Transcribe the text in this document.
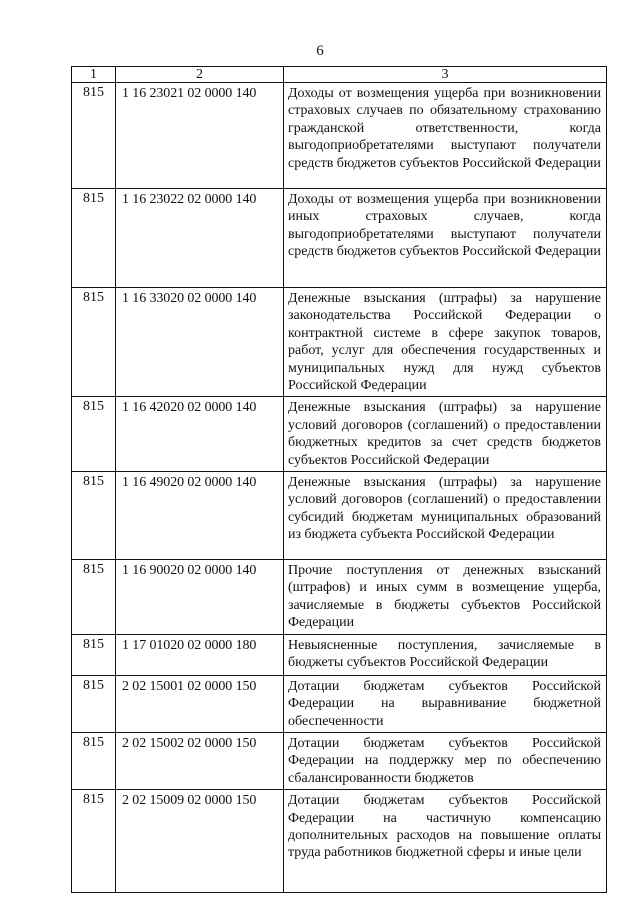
6
1	2	3
815	1 16 23021 02 0000 140	Доходы от возмещения ущерба при возникновении страховых случаев по обязательному страхованию гражданской ответственности, когда выгодоприобретателями выступают получатели средств бюджетов субъектов Российской Федерации
815	1 16 23022 02 0000 140	Доходы от возмещения ущерба при возникновении иных страховых случаев, когда выгодоприобретателями выступают получатели средств бюджетов субъектов Российской Федерации
815	1 16 33020 02 0000 140	Денежные взыскания (штрафы) за нарушение законодательства Российской Федерации о контрактной системе в сфере закупок товаров, работ, услуг для обеспечения государственных и муниципальных нужд для нужд субъектов Российской Федерации
815	1 16 42020 02 0000 140	Денежные взыскания (штрафы) за нарушение условий договоров (соглашений) о предоставлении бюджетных кредитов за счет средств бюджетов субъектов Российской Федерации
815	1 16 49020 02 0000 140	Денежные взыскания (штрафы) за нарушение условий договоров (соглашений) о предоставлении субсидий бюджетам муниципальных образований из бюджета субъекта Российской Федерации
815	1 16 90020 02 0000 140	Прочие поступления от денежных взысканий (штрафов) и иных сумм в возмещение ущерба, зачисляемые в бюджеты субъектов Российской Федерации
815	1 17 01020 02 0000 180	Невыясненные поступления, зачисляемые в бюджеты субъектов Российской Федерации
815	2 02 15001 02 0000 150	Дотации бюджетам субъектов Российской Федерации на выравнивание бюджетной обеспеченности
815	2 02 15002 02 0000 150	Дотации бюджетам субъектов Российской Федерации на поддержку мер по обеспечению сбалансированности бюджетов
815	2 02 15009 02 0000 150	Дотации бюджетам субъектов Российской Федерации на частичную компенсацию дополнительных расходов на повышение оплаты труда работников бюджетной сферы и иные цели
